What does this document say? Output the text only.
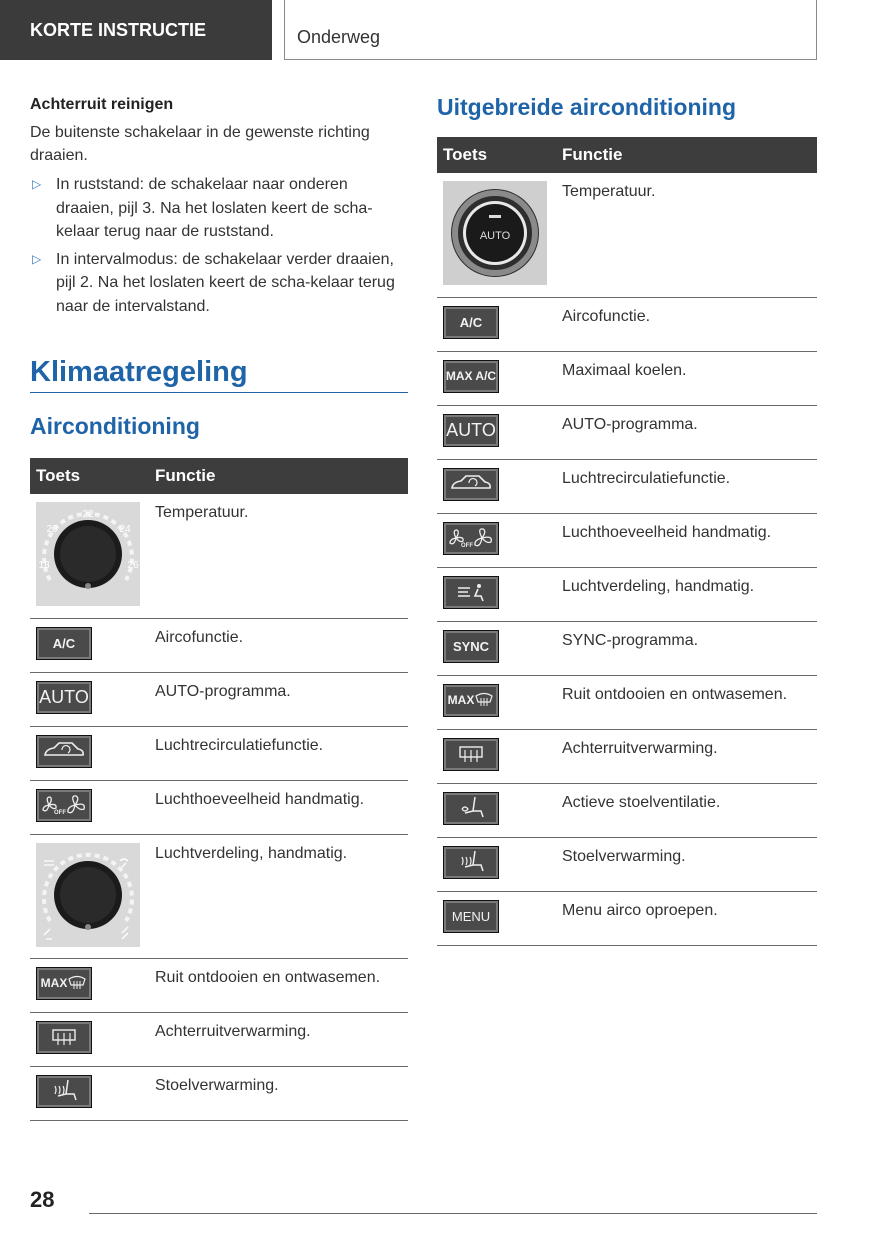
KORTE INSTRUCTIE	Onderweg
Achterruit reinigen

De buitenste schakelaar in de gewenste richting draaien.

▷ In ruststand: de schakelaar naar onderen draaien, pijl 3. Na het loslaten keert de scha-kelaar terug naar de ruststand.
▷ In intervalmodus: de schakelaar verder draaien, pijl 2. Na het loslaten keert de scha-kelaar terug naar de intervalstand.
Klimaatregeling
Airconditioning
Toets	Functie

22
20 24
18 26	Temperatuur.

A/C	Aircofunctie.

AUTO	AUTO-programma.

	Luchtrecirculatiefunctie.

OFF	Luchthoeveelheid handmatig.

	Luchtverdeling, handmatig.

MAX	Ruit ontdooien en ontwasemen.

	Achterruitverwarming.

	Stoelverwarming.
Uitgebreide airconditioning
Toets	Functie

AUTO	Temperatuur.

A/C	Aircofunctie.

MAX A/C	Maximaal koelen.

AUTO	AUTO-programma.

	Luchtrecirculatiefunctie.

OFF	Luchthoeveelheid handmatig.

	Luchtverdeling, handmatig.

SYNC	SYNC-programma.

MAX	Ruit ontdooien en ontwasemen.

	Achterruitverwarming.

	Actieve stoelventilatie.

	Stoelverwarming.

MENU	Menu airco oproepen.
28
